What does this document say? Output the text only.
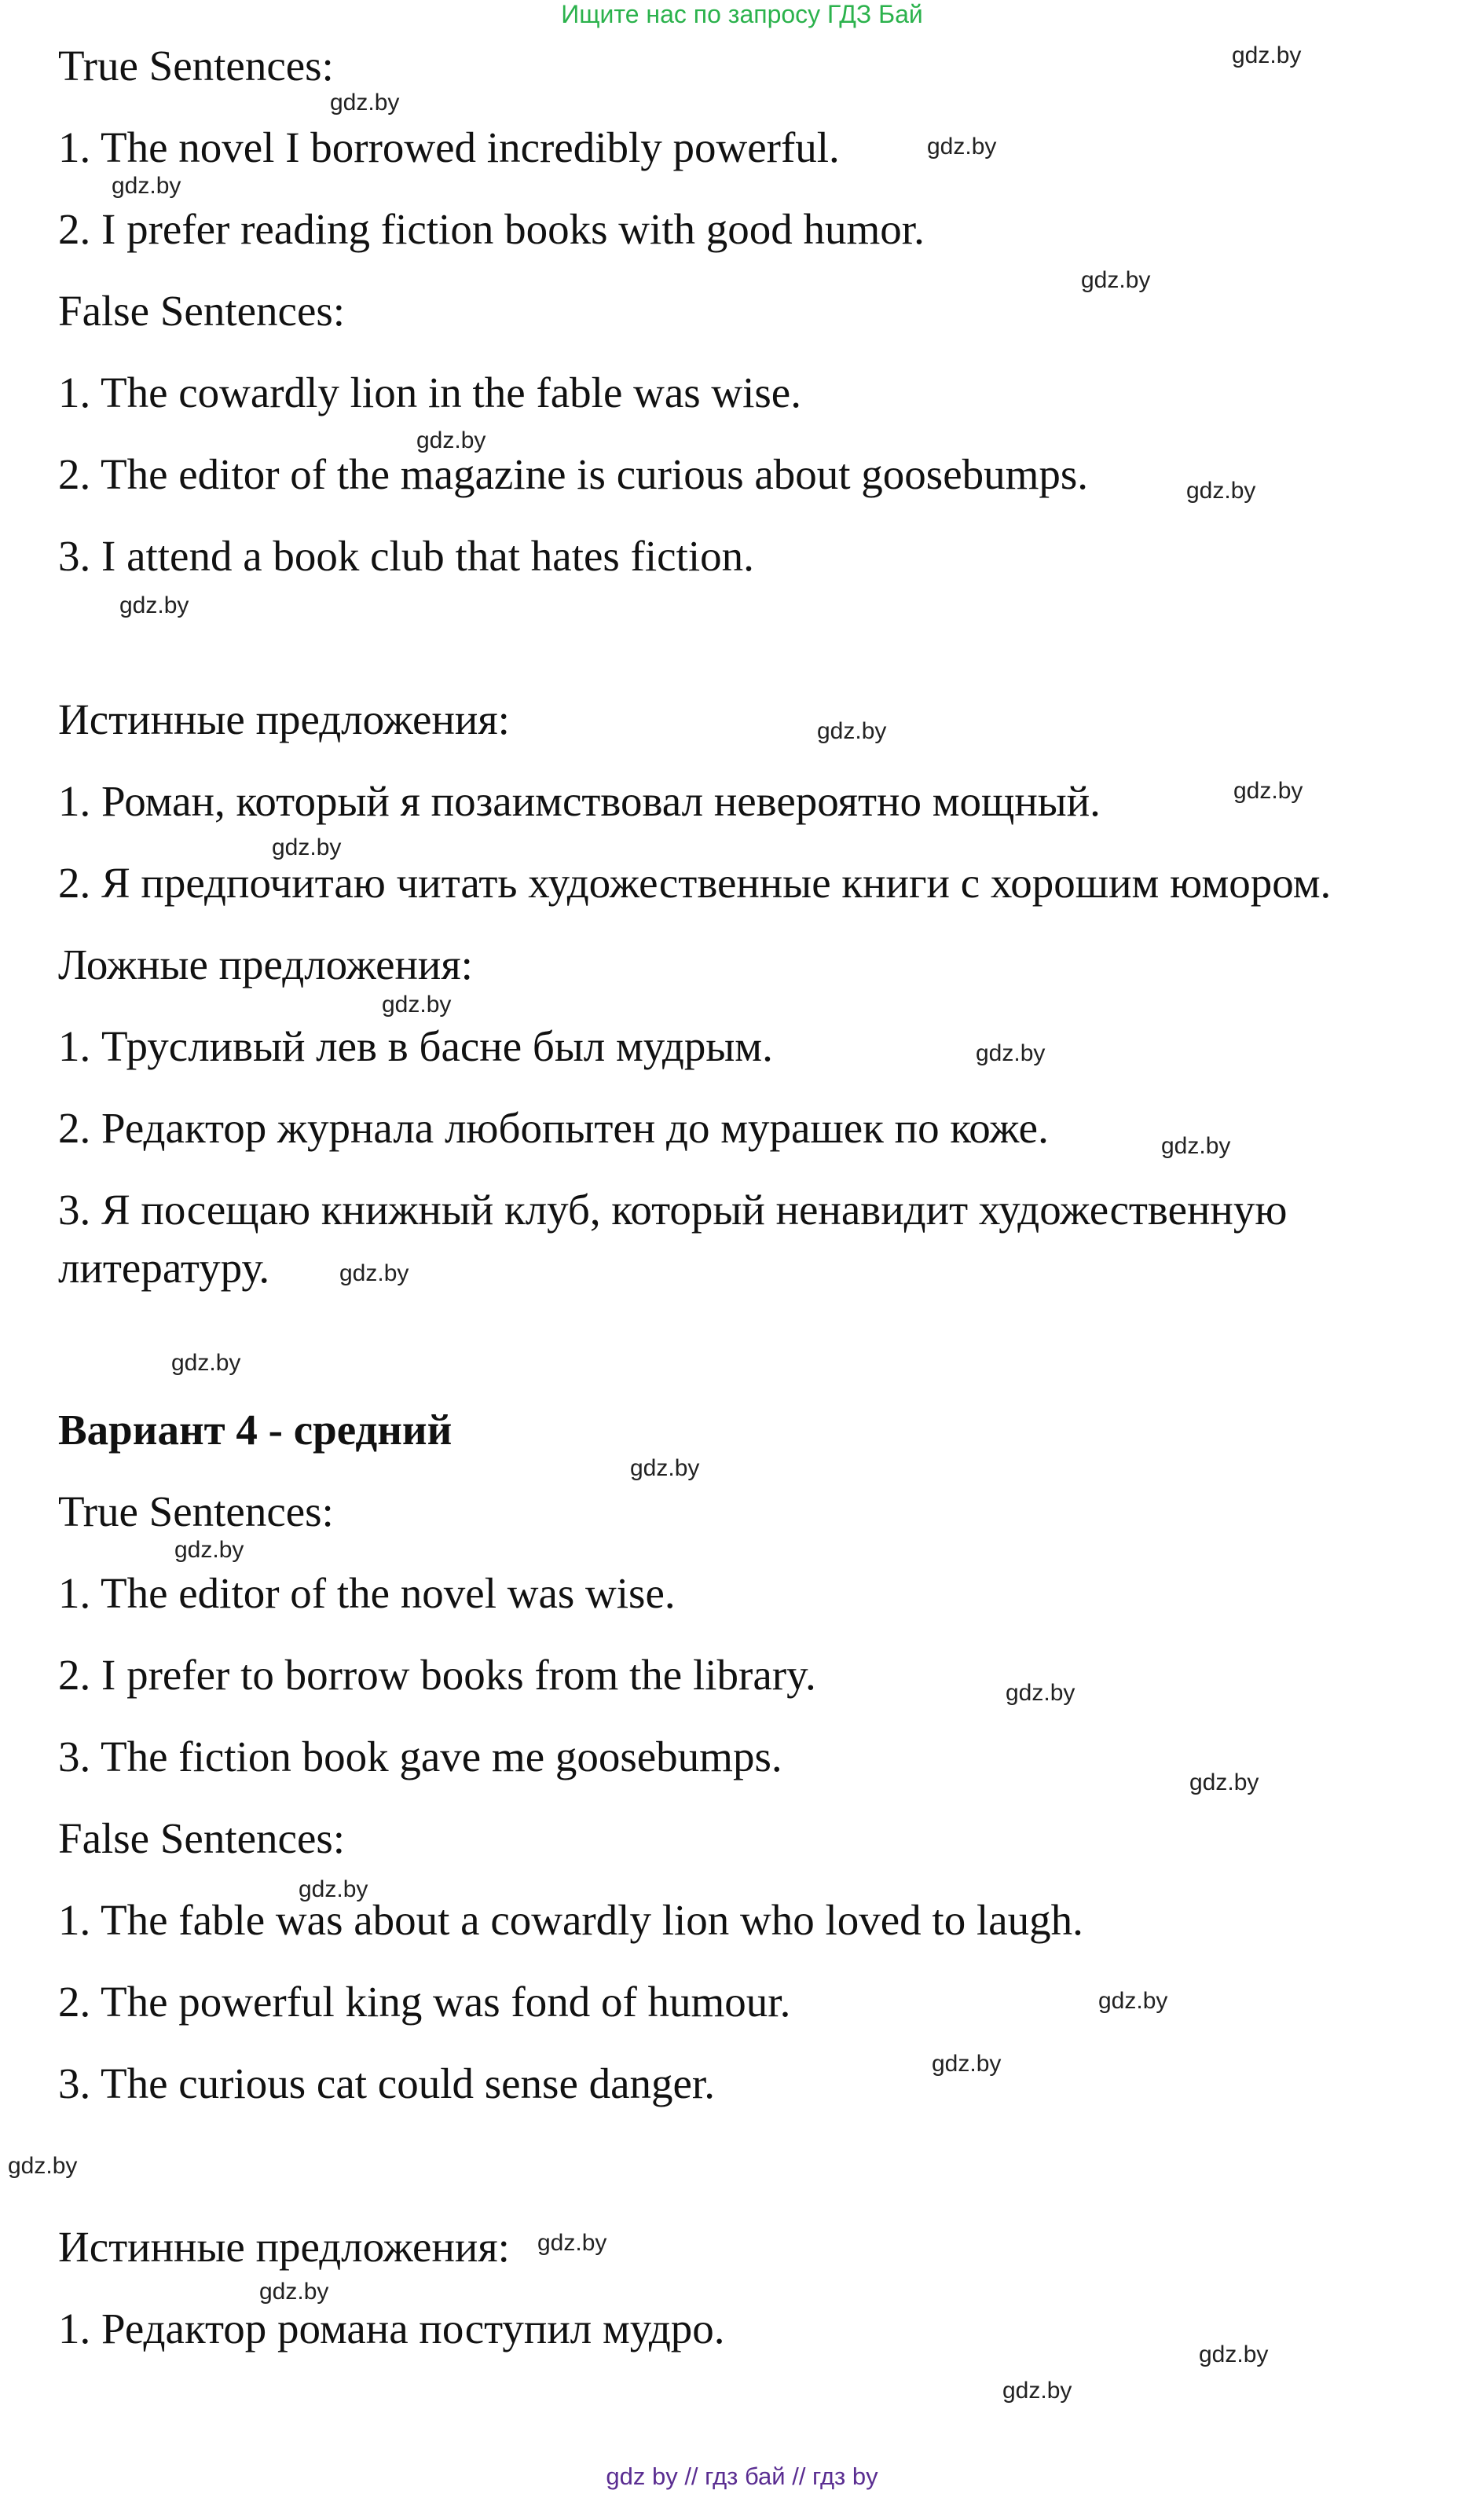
Ищите нас по запросу ГДЗ Бай
True Sentences:
1. The novel I borrowed incredibly powerful.
2. I prefer reading fiction books with good humor.
False Sentences:
1. The cowardly lion in the fable was wise.
2. The editor of the magazine is curious about goosebumps.
3. I attend a book club that hates fiction.
Истинные предложения:
1. Роман, который я позаимствовал невероятно мощный.
2. Я предпочитаю читать художественные книги с хорошим юмором.
Ложные предложения:
1. Трусливый лев в басне был мудрым.
2. Редактор журнала любопытен до мурашек по коже.
3. Я посещаю книжный клуб, который ненавидит художественную
литературу.
Вариант 4 - средний
True Sentences:
1. The editor of the novel was wise.
2. I prefer to borrow books from the library.
3. The fiction book gave me goosebumps.
False Sentences:
1. The fable was about a cowardly lion who loved to laugh.
2. The powerful king was fond of humour.
3. The curious cat could sense danger.
Истинные предложения:
1. Редактор романа поступил мудро.
gdz.by
gdz.by
gdz.by
gdz.by
gdz.by
gdz.by
gdz.by
gdz.by
gdz.by
gdz.by
gdz.by
gdz.by
gdz.by
gdz.by
gdz.by
gdz.by
gdz.by
gdz.by
gdz.by
gdz.by
gdz.by
gdz.by
gdz.by
gdz.by
gdz.by
gdz.by
gdz.by
gdz.by
gdz by // гдз бай // гдз by
